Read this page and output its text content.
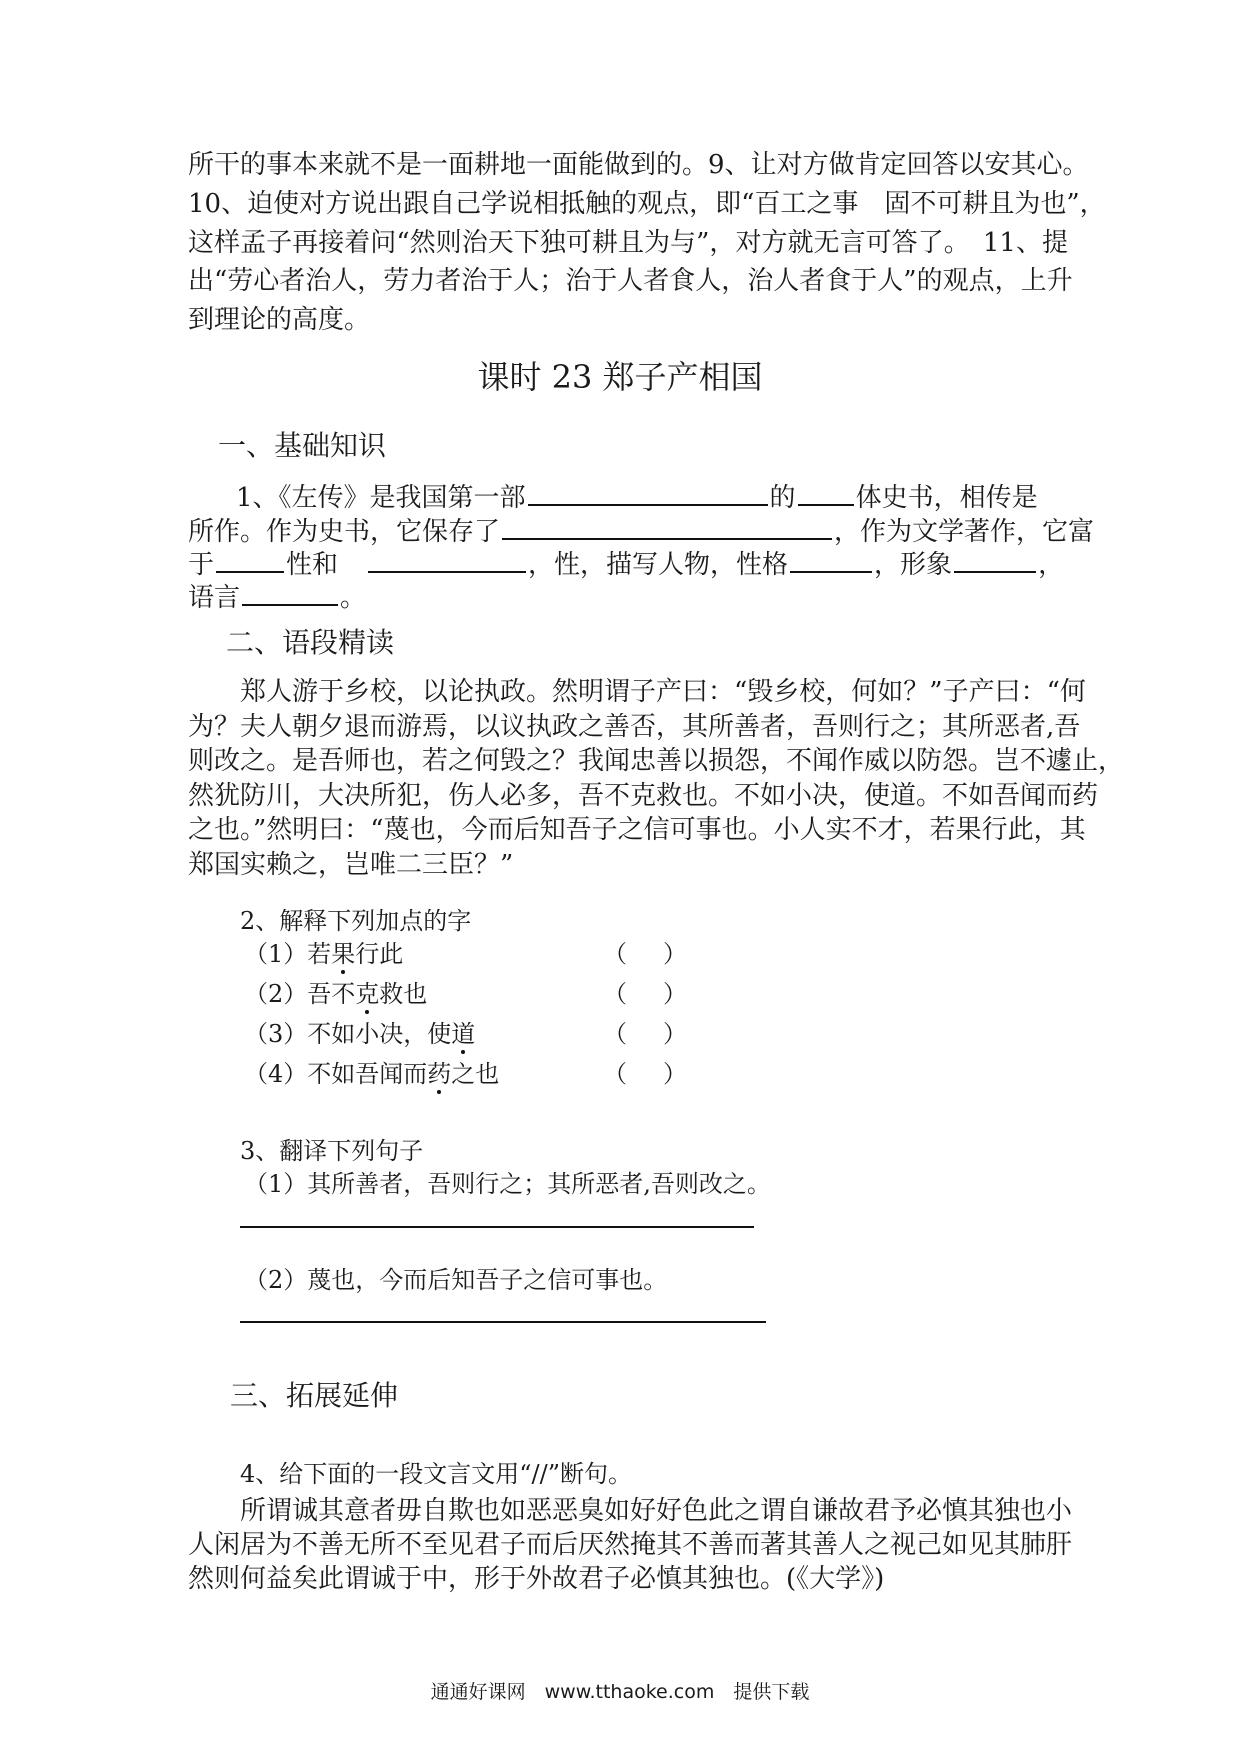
所干的事本来就不是一面耕地一面能做到的。9、让对方做肯定回答以安其心。
10、迫使对方说出跟自己学说相抵触的观点，即“百工之事　固不可耕且为也”，
这样孟子再接着问“然则治天下独可耕且为与”，对方就无言可答了。　11、提
出“劳心者治人，劳力者治于人；治于人者食人，治人者食于人”的观点，上升
到理论的高度。
课时 23 郑子产相国
一、基础知识
1、《左传》是我国第一部	的 体史书，相传是
所作。作为史书，它保存了	，作为文学著作，它富
于	性和	，性，描写人物，性格	，形象	，
语言	。
二、语段精读
郑人游于乡校，以论执政。然明谓子产曰：“毁乡校，何如？”子产曰：“何
为？夫人朝夕退而游焉，以议执政之善否，其所善者，吾则行之；其所恶者,吾
则改之。是吾师也，若之何毁之？我闻忠善以损怨，不闻作威以防怨。岂不遽止，
然犹防川，大决所犯，伤人必多，吾不克救也。不如小决，使道。不如吾闻而药
之也。”然明曰：“蔑也，今而后知吾子之信可事也。小人实不才，若果行此，其
郑国实赖之，岂唯二三臣？”
2、解释下列加点的字
（1）若果行此	（ ）
（2）吾不克救也	（ ）
（3）不如小决，使道	（ ）
（4）不如吾闻而药之也	（ ）
3、翻译下列句子
（1）其所善者，吾则行之；其所恶者,吾则改之。
（2）蔑也，今而后知吾子之信可事也。
三、拓展延伸
4、给下面的一段文言文用“//”断句。
所谓诚其意者毋自欺也如恶恶臭如好好色此之谓自谦故君予必慎其独也小
人闲居为不善无所不至见君子而后厌然掩其不善而著其善人之视己如见其肺肝
然则何益矣此谓诚于中，形于外故君子必慎其独也。(《大学》)
通通好课网　www.tthaoke.com　提供下载
